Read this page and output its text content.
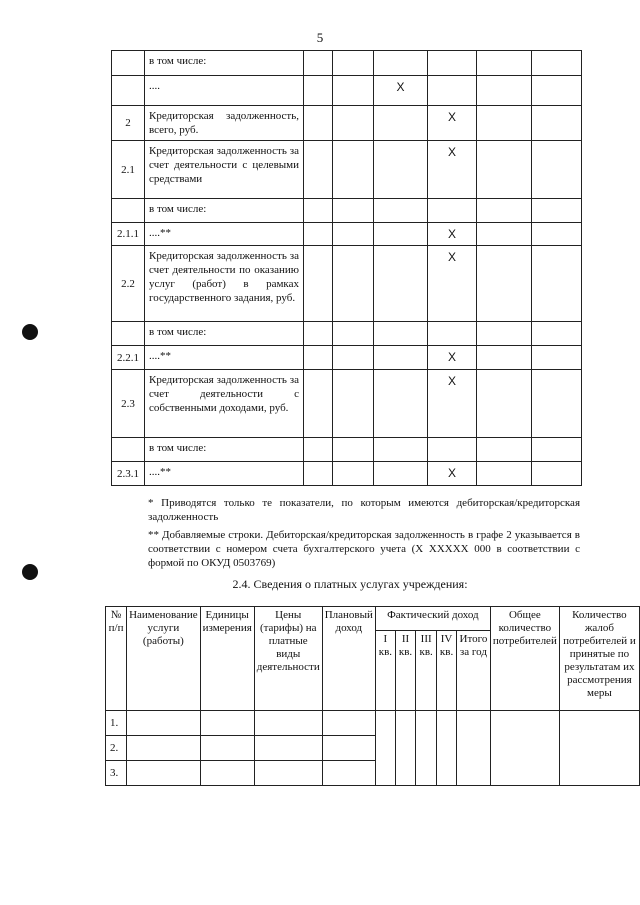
5
	в том числе:						
	....			X			
2	Кредиторская задолженность, всего, руб.				X		
2.1	Кредиторская задолженность за счет деятельности с целевыми средствами				X		
	в том числе:						
2.1.1	....**				X		
2.2	Кредиторская задолженность за счет деятельности по оказанию услуг (работ) в рамках государственного задания, руб.				X		
	в том числе:						
2.2.1	....**				X		
2.3	Кредиторская задолженность за счет деятельности с собственными доходами, руб.				X		
	в том числе:						
2.3.1	....**				X		

* Приводятся только те показатели, по которым имеются дебиторская/кредиторская задолженность

** Добавляемые строки. Дебиторская/кредиторская задолженность в графе 2 указывается в соответствии с номером счета бухгалтерского учета (X XXXXX 000 в соответствии с формой по ОКУД 0503769)

2.4. Сведения о платных услугах учреждения:
№ п/п	Наименование услуги (работы)	Единицы измерения	Цены (тарифы) на платные виды деятельности	Плановый доход	Фактический доход					Общее количество потребителей	Количество жалоб потребителей и принятые по результатам их рассмотрения меры
					I кв.	II кв.	III кв.	IV кв.	Итого за год		
1.											
2.											
3.											
